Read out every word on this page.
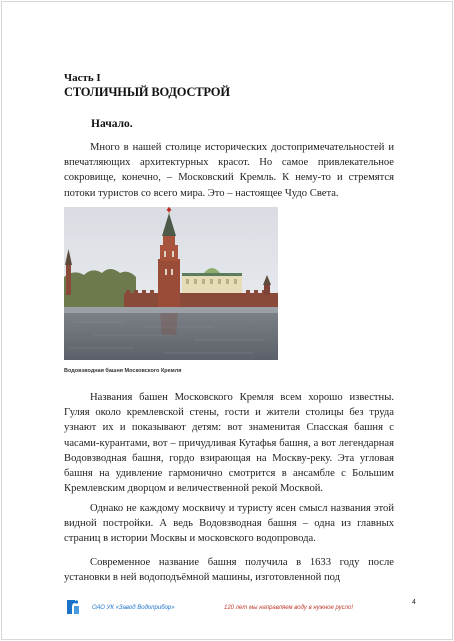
Часть I
СТОЛИЧНЫЙ ВОДОСТРОЙ
Начало.

Много в нашей столице исторических достопримечательностей и впечатляющих архитектурных красот. Но самое привлекательное сокровище, конечно, – Московский Кремль. К нему-то и стремятся потоки туристов со всего мира. Это – настоящее Чудо Света.

Водовзводная башня Московского Кремля

Названия башен Московского Кремля всем хорошо известны. Гуляя около кремлевской стены, гости и жители столицы без труда узнают их и показывают детям: вот знаменитая Спасская башня с часами-курантами, вот – причудливая Кутафья башня, а вот легендарная Водовзводная башня, гордо взирающая на Москву-реку. Эта угловая башня на удивление гармонично смотрится в ансамбле с Большим Кремлевским дворцом и величественной рекой Москвой.

Однако не каждому москвичу и туристу ясен смысл названия этой видной постройки. А ведь Водовзводная башня – одна из главных страниц в истории Москвы и московского водопровода.

Современное название башня получила в 1633 году после установки в ней водоподъёмной машины, изготовленной под

ОАО УК «Завод Водоприбор»	120 лет мы направляем воду в нужное русло!
4
